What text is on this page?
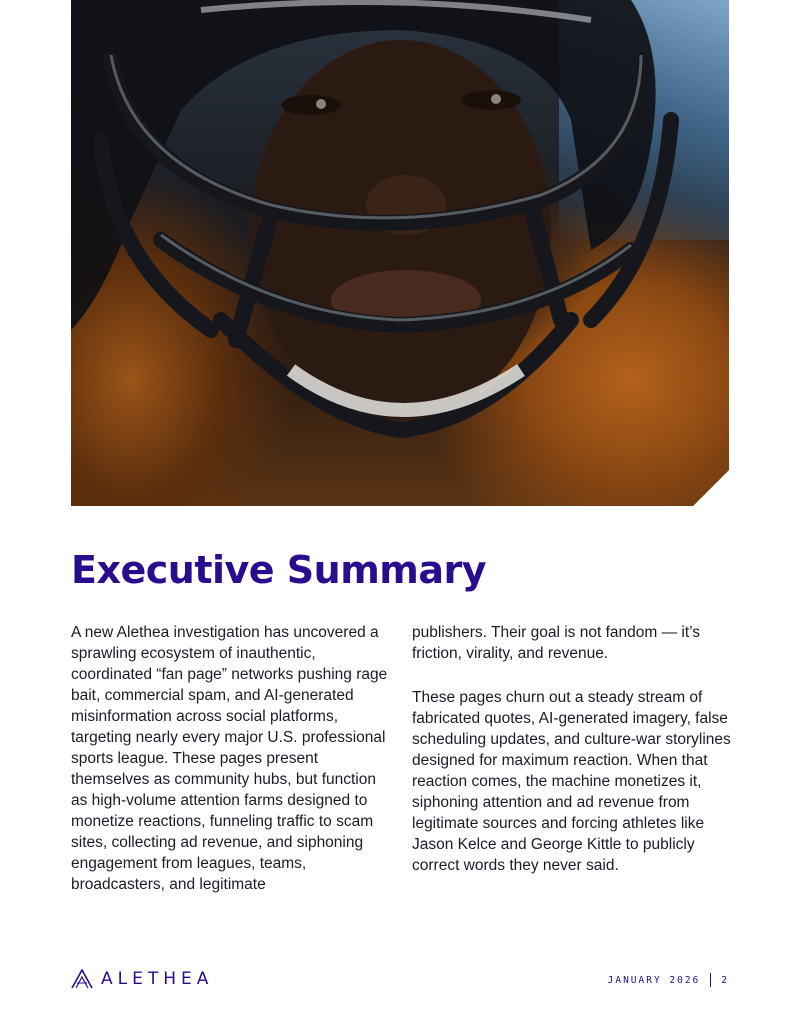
Executive Summary

A new Alethea investigation has uncovered a sprawling ecosystem of inauthentic, coordinated “fan page” networks pushing rage bait, commercial spam, and AI-generated misinformation across social platforms, targeting nearly every major U.S. professional sports league. These pages present themselves as community hubs, but function as high-volume attention farms designed to monetize reactions, funneling traffic to scam sites, collecting ad revenue, and siphoning engagement from leagues, teams, broadcasters, and legitimate

publishers. Their goal is not fandom — it’s friction, virality, and revenue.

These pages churn out a steady stream of fabricated quotes, AI-generated imagery, false scheduling updates, and culture-war storylines designed for maximum reaction. When that reaction comes, the machine monetizes it, siphoning attention and ad revenue from legitimate sources and forcing athletes like Jason Kelce and George Kittle to publicly correct words they never said.

ALETHEA	JANUARY 2026 2
